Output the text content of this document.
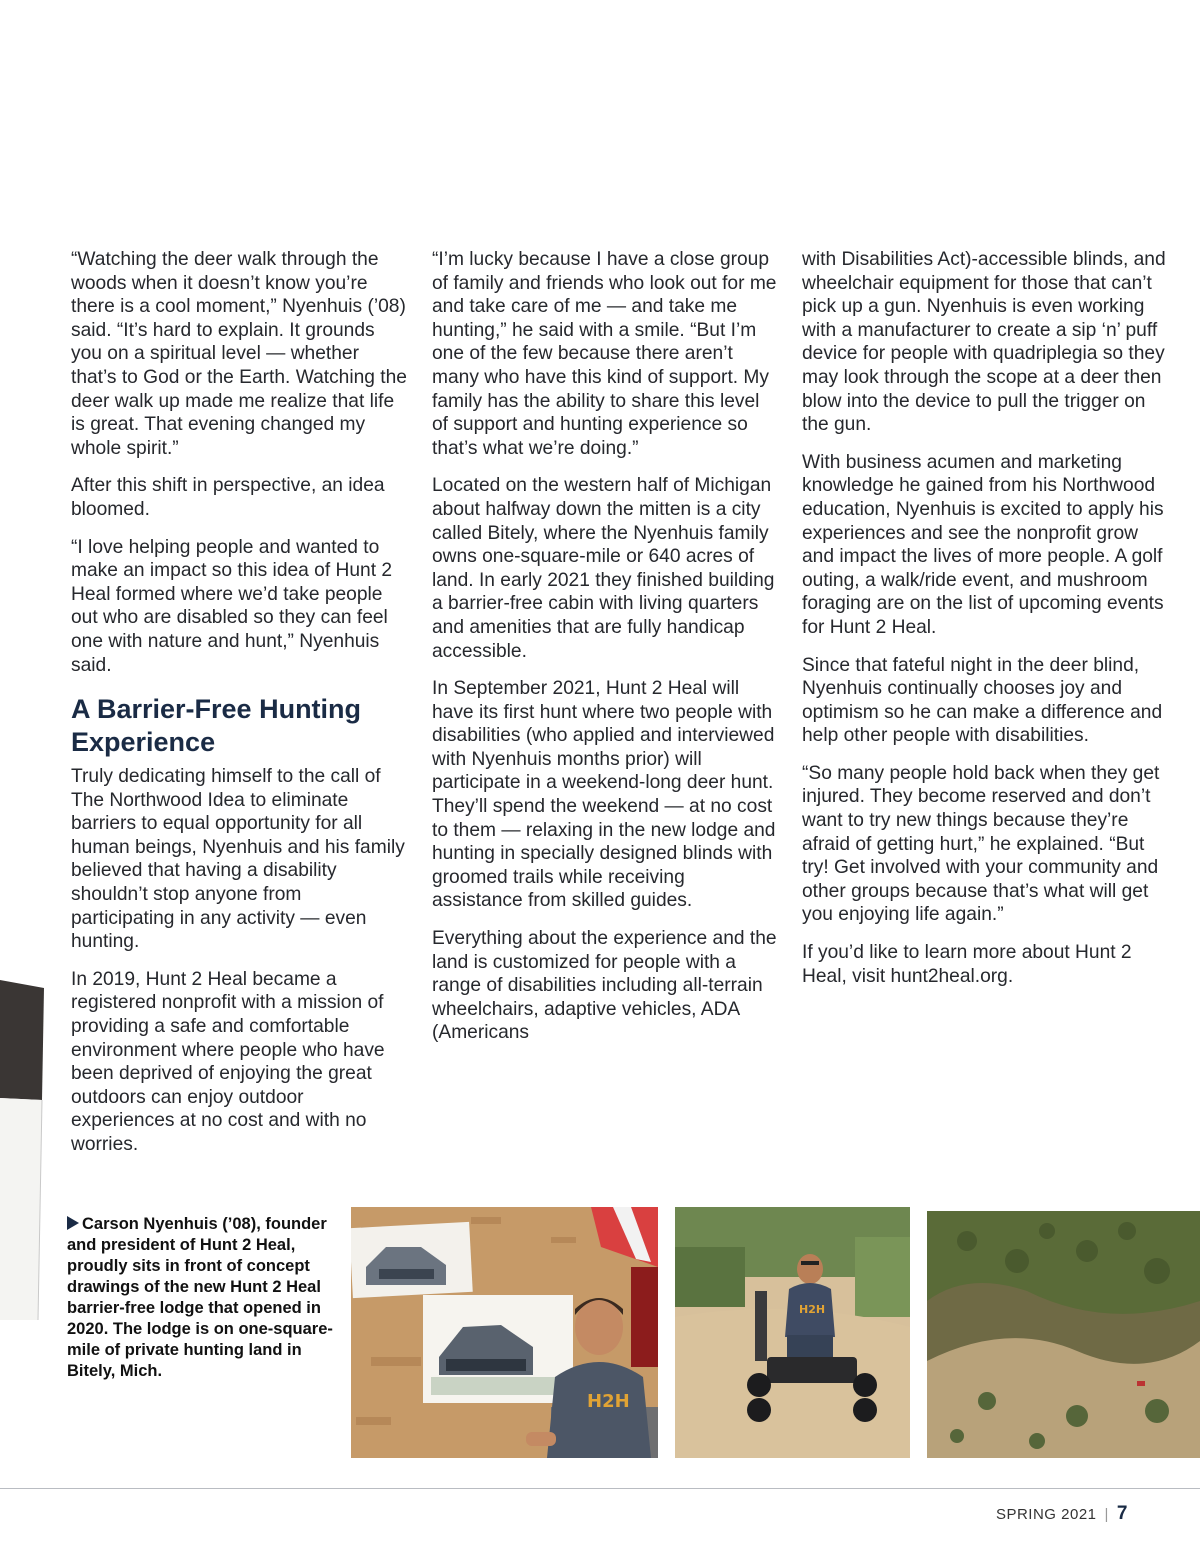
“Watching the deer walk through the woods when it doesn’t know you’re there is a cool moment,” Nyenhuis (’08) said. “It’s hard to explain. It grounds you on a spiritual level — whether that’s to God or the Earth. Watching the deer walk up made me realize that life is great. That evening changed my whole spirit.”

After this shift in perspective, an idea bloomed.

“I love helping people and wanted to make an impact so this idea of Hunt 2 Heal formed where we’d take people out who are disabled so they can feel one with nature and hunt,” Nyenhuis said.

A Barrier-Free Hunting Experience

Truly dedicating himself to the call of The Northwood Idea to eliminate barriers to equal opportunity for all human beings, Nyenhuis and his family believed that having a disability shouldn’t stop anyone from participating in any activity — even hunting.

In 2019, Hunt 2 Heal became a registered nonprofit with a mission of providing a safe and comfortable environment where people who have been deprived of enjoying the great outdoors can enjoy outdoor experiences at no cost and with no worries.

“I’m lucky because I have a close group of family and friends who look out for me and take care of me — and take me hunting,” he said with a smile. “But I’m one of the few because there aren’t many who have this kind of support. My family has the ability to share this level of support and hunting experience so that’s what we’re doing.”

Located on the western half of Michigan about halfway down the mitten is a city called Bitely, where the Nyenhuis family owns one-square-mile or 640 acres of land. In early 2021 they finished building a barrier-free cabin with living quarters and amenities that are fully handicap accessible.

In September 2021, Hunt 2 Heal will have its first hunt where two people with disabilities (who applied and interviewed with Nyenhuis months prior) will participate in a weekend-long deer hunt. They’ll spend the weekend — at no cost to them — relaxing in the new lodge and hunting in specially designed blinds with groomed trails while receiving assistance from skilled guides.

Everything about the experience and the land is customized for people with a range of disabilities including all-terrain wheelchairs, adaptive vehicles, ADA (Americans

with Disabilities Act)-accessible blinds, and wheelchair equipment for those that can’t pick up a gun. Nyenhuis is even working with a manufacturer to create a sip ‘n’ puff device for people with quadriplegia so they may look through the scope at a deer then blow into the device to pull the trigger on the gun.

With business acumen and marketing knowledge he gained from his Northwood education, Nyenhuis is excited to apply his experiences and see the nonprofit grow and impact the lives of more people. A golf outing, a walk/ride event, and mushroom foraging are on the list of upcoming events for Hunt 2 Heal.

Since that fateful night in the deer blind, Nyenhuis continually chooses joy and optimism so he can make a difference and help other people with disabilities.

“So many people hold back when they get injured. They become reserved and don’t want to try new things because they’re afraid of getting hurt,” he explained. “But try! Get involved with your community and other groups because that’s what will get you enjoying life again.”

If you’d like to learn more about Hunt 2 Heal, visit hunt2heal.org.

Carson Nyenhuis (’08), founder and president of Hunt 2 Heal, proudly sits in front of concept drawings of the new Hunt 2 Heal barrier-free lodge that opened in 2020. The lodge is on one-square-mile of private hunting land in Bitely, Mich.
H2H
H2H
SPRING 2021 | 7
